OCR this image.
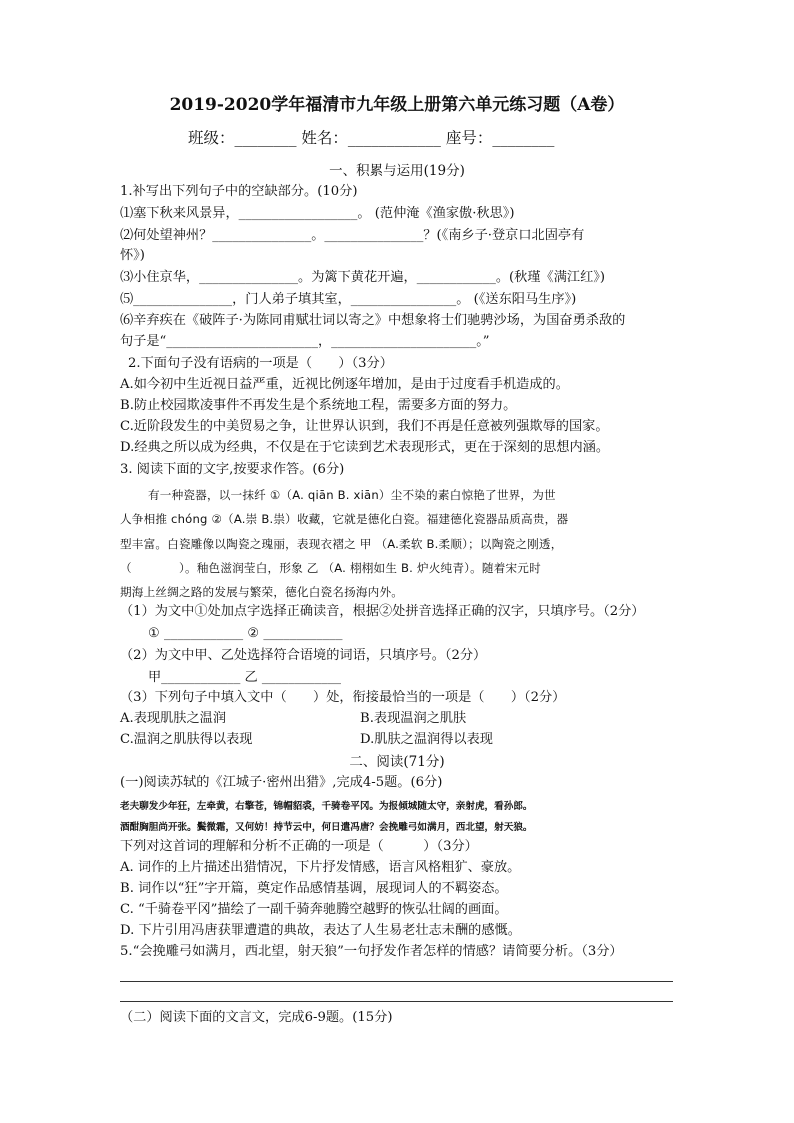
2019-2020学年福清市九年级上册第六单元练习题（A卷）
班级：________ 姓名：____________ 座号：________
一、积累与运用(19分)
1.补写出下列句子中的空缺部分。(10分)
⑴塞下秋来风景异，__________________。 (范仲淹《渔家傲·秋思》)
⑵何处望神州？_______________。_______________？(《南乡子·登京口北固亭有
怀》)
⑶小住京华，_______________。为篱下黄花开遍，____________。(秋瑾《满江红》)
⑸_______________，门人弟子填其室，________________。 (《送东阳马生序》)
⑹辛弃疾在《破阵子·为陈同甫赋壮词以寄之》中想象将士们驰骋沙场，为国奋勇杀敌的
句子是“_______________________，______________________。”
2.下面句子没有语病的一项是（　　）（3分）
A.如今初中生近视日益严重，近视比例逐年增加，是由于过度看手机造成的。
B.防止校园欺凌事件不再发生是个系统地工程，需要多方面的努力。
C.近阶段发生的中美贸易之争，让世界认识到，我们不再是任意被列强欺辱的国家。
D.经典之所以成为经典，不仅是在于它读到艺术表现形式，更在于深刻的思想内涵。
3. 阅读下面的文字,按要求作答。(6分)
有一种瓷器，以一抹纤 ①（A. qiān B. xiān）尘不染的素白惊艳了世界，为世
人争相推 chóng ②（A.崇 B.祟）收藏，它就是德化白瓷。福建德化瓷器品质高贵，器
型丰富。白瓷雕像以陶瓷之瑰丽，表现衣褶之 甲 （A.柔软 B.柔顺）；以陶瓷之刚透，
（　　　　）。釉色滋润莹白，形象 乙 （A. 栩栩如生 B. 炉火纯青）。随着宋元时
期海上丝绸之路的发展与繁荣，德化白瓷名扬海内外。
（1）为文中①处加点字选择正确读音，根据②处拼音选择正确的汉字，只填序号。（2分）
① ____________ ② ____________
（2）为文中甲、乙处选择符合语境的词语，只填序号。（2分）
甲____________ 乙 ____________
（3）下列句子中填入文中（　　）处，衔接最恰当的一项是（　　）（2分）
A.表现肌肤之温润	B.表现温润之肌肤
C.温润之肌肤得以表现	D.肌肤之温润得以表现
二、阅读(71分)
(一)阅读苏轼的《江城子·密州出猎》,完成4-5题。(6分)
老夫聊发少年狂，左牵黄，右擎苍，锦帽貂裘，千骑卷平冈。为报倾城随太守，亲射虎，看孙郎。
酒酣胸胆尚开张。鬓微霜，又何妨！持节云中，何日遣冯唐？会挽雕弓如满月，西北望，射天狼。
下列对这首词的理解和分析不正确的一项是（　　　）（3分）
A. 词作的上片描述出猎情况，下片抒发情感，语言风格粗犷、豪放。
B. 词作以“狂”字开篇，奠定作品感情基调，展现词人的不羁姿态。
C. “千骑卷平冈”描绘了一副千骑奔驰腾空越野的恢弘壮阔的画面。
D. 下片引用冯唐获罪遭遣的典故，表达了人生易老壮志未酬的感慨。
5.“会挽雕弓如满月，西北望，射天狼”一句抒发作者怎样的情感？请简要分析。（3分）
（二）阅读下面的文言文，完成6-9题。(15分)
